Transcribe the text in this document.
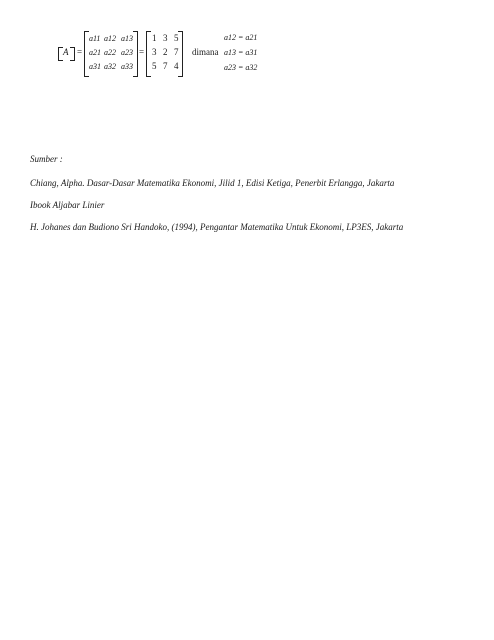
A =
a11 a12 a13
a21 a22 a23
a31 a32 a33
=
1 3 5
3 2 7
5 7 4
dimana
a12 = a21
a13 = a31
a23 = a32
Sumber :
Chiang, Alpha. Dasar-Dasar Matematika Ekonomi, Jilid 1, Edisi Ketiga, Penerbit Erlangga, Jakarta
Ibook Aljabar Linier
H. Johanes dan Budiono Sri Handoko, (1994), Pengantar Matematika Untuk Ekonomi, LP3ES, Jakarta
